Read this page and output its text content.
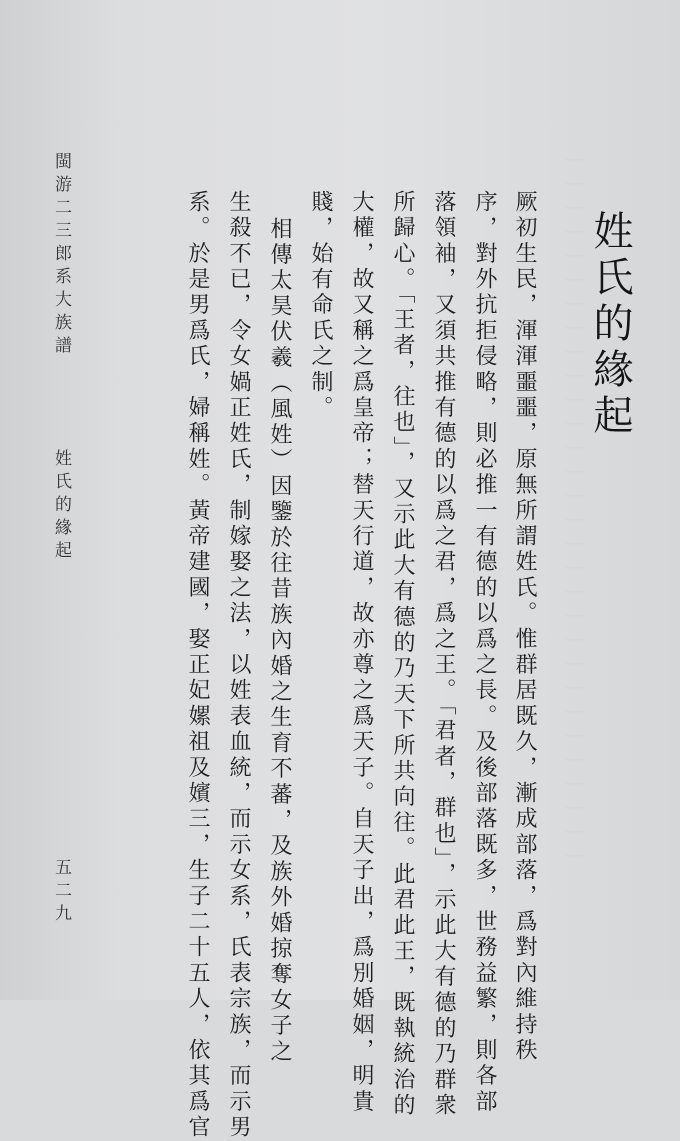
｜｜｜｜｜｜｜｜｜｜｜｜｜｜｜｜｜｜｜｜｜｜｜｜｜｜｜｜｜｜ 姓氏的緣起
厥初生民，渾渾噩噩，原無所謂姓氏。惟群居既久，漸成部落，爲對內維持秩
序，對外抗拒侵略，則必推一有德的以爲之長。及後部落既多，世務益繁，則各部
落領袖，又須共推有德的以爲之君，爲之王。「君者，群也」，示此大有德的乃群衆
所歸心。「王者，往也」，又示此大有德的乃天下所共向往。此君此王，既執統治的
大權，故又稱之爲皇帝；替天行道，故亦尊之爲天子。自天子出，爲別婚姻，明貴
賤，始有命氏之制。
相傳太昊伏羲（風姓）因鑒於往昔族內婚之生育不蕃，及族外婚掠奪女子之
生殺不已，令女媧正姓氏，制嫁娶之法，以姓表血統，而示女系，氏表宗族，而示男
系。於是男爲氏，婦稱姓。黃帝建國，娶正妃嫘祖及嬪三，生子二十五人，依其爲官
閩游二三郎系大族譜
姓氏的緣起
五二九
